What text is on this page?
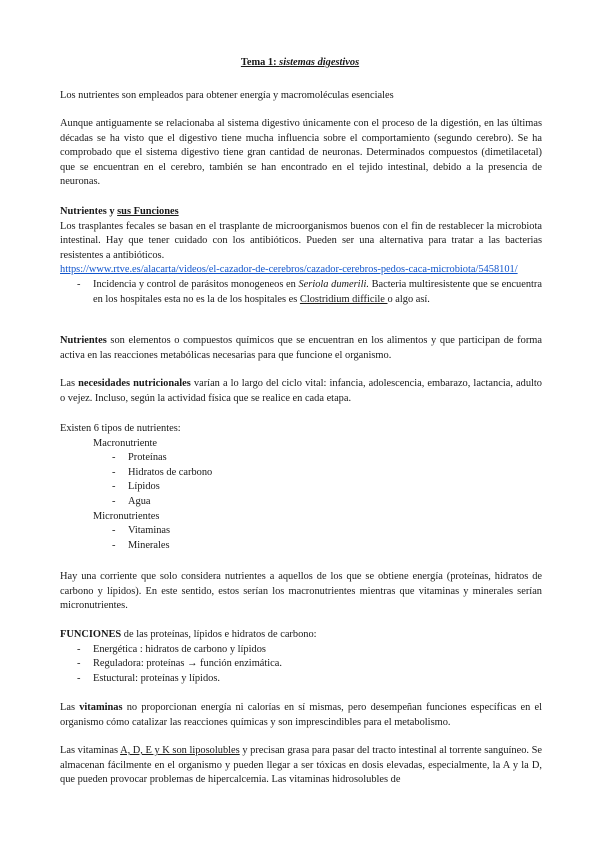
Tema 1: sistemas digestivos

Los nutrientes son empleados para obtener energía y macromoléculas esenciales

Aunque antiguamente se relacionaba al sistema digestivo únicamente con el proceso de la digestión, en las últimas décadas se ha visto que el digestivo tiene mucha influencia sobre el comportamiento (segundo cerebro). Se ha comprobado que el sistema digestivo tiene gran cantidad de neuronas. Determinados compuestos (dimetilacetal) que se encuentran en el cerebro, también se han encontrado en el tejido intestinal, debido a la presencia de neuronas.

Nutrientes y sus Funciones
Los trasplantes fecales se basan en el trasplante de microorganismos buenos con el fin de restablecer la microbiota intestinal. Hay que tener cuidado con los antibióticos. Pueden ser una alternativa para tratar a las bacterias resistentes a antibióticos.
https://www.rtve.es/alacarta/videos/el-cazador-de-cerebros/cazador-cerebros-pedos-caca-microbiota/5458101/
- Incidencia y control de parásitos monogeneos en Seriola dumerili. Bacteria multiresistente que se encuentra en los hospitales esta no es la de los hospitales es Clostridium difficile o algo así.

Nutrientes son elementos o compuestos químicos que se encuentran en los alimentos y que participan de forma activa en las reacciones metabólicas necesarias para que funcione el organismo.

Las necesidades nutricionales varían a lo largo del ciclo vital: infancia, adolescencia, embarazo, lactancia, adulto o vejez. Incluso, según la actividad física que se realice en cada etapa.

Existen 6 tipos de nutrientes:
Macronutriente
- Proteínas
- Hidratos de carbono
- Lípidos
- Agua
Micronutrientes
- Vitaminas
- Minerales

Hay una corriente que solo considera nutrientes a aquellos de los que se obtiene energía (proteínas, hidratos de carbono y lípidos). En este sentido, estos serían los macronutrientes mientras que vitaminas y minerales serían micronutrientes.

FUNCIONES de las proteínas, lípidos e hidratos de carbono:
- Energética : hidratos de carbono y lípidos
- Reguladora: proteínas → función enzimática.
- Estuctural: proteínas y lípidos.

Las vitaminas no proporcionan energía ni calorías en sí mismas, pero desempeñan funciones específicas en el organismo cómo catalizar las reacciones químicas y son imprescindibles para el metabolismo.

Las vitaminas A, D, E y K son liposolubles y precisan grasa para pasar del tracto intestinal al torrente sanguíneo. Se almacenan fácilmente en el organismo y pueden llegar a ser tóxicas en dosis elevadas, especialmente, la A y la D, que pueden provocar problemas de hipercalcemia. Las vitaminas hidrosolubles de
